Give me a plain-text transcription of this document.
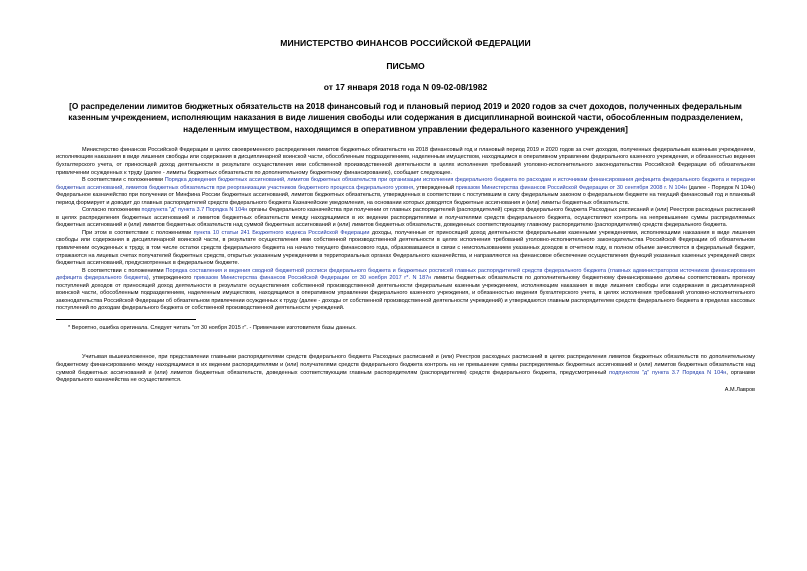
МИНИСТЕРСТВО ФИНАНСОВ РОССИЙСКОЙ ФЕДЕРАЦИИ
ПИСЬМО
от 17 января 2018 года N 09-02-08/1982
[О распределении лимитов бюджетных обязательств на 2018 финансовый год и плановый период 2019 и 2020 годов за счет доходов, полученных федеральным казенным учреждением, исполняющим наказания в виде лишения свободы или содержания в дисциплинарной воинской части, обособленным подразделением, наделенным имуществом, находящимся в оперативном управлении федерального казенного учреждения]

Министерство финансов Российской Федерации в целях своевременного распределения лимитов бюджетных обязательств на 2018 финансовый год и плановый период 2019 и 2020 годов за счет доходов, полученных федеральным казенным учреждением, исполняющим наказания в виде лишения свободы или содержания в дисциплинарной воинской части, обособленным подразделением, наделенным имуществом, находящимся в оперативном управлении федерального казенного учреждения, и обязанностью ведения бухгалтерского учета, от приносящей доход деятельности в результате осуществления ими собственной производственной деятельности в целях исполнения требований уголовно-исполнительного законодательства Российской Федерации об обязательном привлечении осужденных к труду (далее - лимиты бюджетных обязательств по дополнительному бюджетному финансированию), сообщает следующее.

В соответствии с положениями Порядка доведения бюджетных ассигнований, лимитов бюджетных обязательств при организации исполнения федерального бюджета по расходам и источникам финансирования дефицита федерального бюджета и передачи бюджетных ассигнований, лимитов бюджетных обязательств при реорганизации участников бюджетного процесса федерального уровня, утвержденный приказом Министерства финансов Российской Федерации от 30 сентября 2008 г. N 104н (далее - Порядок N 104н) Федеральное казначейство при получении от Минфина России бюджетных ассигнований, лимитов бюджетных обязательств, утвержденных в соответствии с поступившим в силу федеральным законом о федеральном бюджете на текущий финансовый год и плановый период формирует и доводит до главных распорядителей средств федерального бюджета Казначейские уведомления, на основании которых доводятся бюджетные ассигнования и (или) лимиты бюджетных обязательств.

Согласно положениям подпункта "д" пункта 3.7 Порядка N 104н органы Федерального казначейства при получении от главных распорядителей (распорядителей) средств федерального бюджета Расходных расписаний и (или) Реестров расходных расписаний в целях распределения бюджетных ассигнований и лимитов бюджетных обязательств между находящимися в их ведении распорядителями и получателями средств федерального бюджета, осуществляют контроль на непревышение суммы распределяемых бюджетных ассигнований и (или) лимитов бюджетных обязательств над суммой бюджетных ассигнований и (или) лимитов бюджетных обязательств, доведенных соответствующему главному распорядителю (распорядителям) средств федерального бюджета.

При этом в соответствии с положениями пункта 10 статьи 241 Бюджетного кодекса Российской Федерации доходы, полученные от приносящей доход деятельности федеральными казенными учреждениями, исполняющими наказания в виде лишения свободы или содержания в дисциплинарной воинской части, в результате осуществления ими собственной производственной деятельности в целях исполнения требований уголовно-исполнительного законодательства Российской Федерации об обязательном привлечении осужденных к труду, в том числе остатки средств федерального бюджета на начало текущего финансового года, образовавшиеся в связи с неиспользованием указанных доходов в отчетном году, в полном объеме зачисляются в федеральный бюджет, отражаются на лицевых счетах получателей бюджетных средств, открытых указанным учреждениям в территориальных органах Федерального казначейства, и направляются на финансовое обеспечение осуществления функций указанных казенных учреждений сверх бюджетных ассигнований, предусмотренных в федеральном бюджете.

В соответствии с положениями Порядка составления и ведения сводной бюджетной росписи федерального бюджета и бюджетных росписей главных распорядителей средств федерального бюджета (главных администраторов источников финансирования дефицита федерального бюджета), утвержденного приказом Министерства финансов Российской Федерации от 30 ноября 2017 г*. N 187н лимиты бюджетных обязательств по дополнительному бюджетному финансированию должны соответствовать прогнозу поступлений доходов от приносящей доход деятельности в результате осуществления собственной производственной деятельности федеральным казенным учреждением, исполняющим наказания в виде лишения свободы или содержания в дисциплинарной воинской части, обособленным подразделением, наделенным имуществом, находящимся в оперативном управлении федерального казенного учреждения, и обязанностью ведения бухгалтерского учета, в целях исполнения требований уголовно-исполнительного законодательства Российской Федерации об обязательном привлечении осужденных к труду (далее - доходы от собственной производственной деятельности учреждений) и утверждаются главным распорядителем средств федерального бюджета в пределах кассовых поступлений по доходам федерального бюджета от собственной производственной деятельности учреждений.

* Вероятно, ошибка оригинала. Следует читать "от 30 ноября 2015 г". - Примечание изготовителя базы данных.
Учитывая вышеизложенное, при представлении главными распорядителями средств федерального бюджета Расходных расписаний и (или) Реестров расходных расписаний в целях распределения лимитов бюджетных обязательств по дополнительному бюджетному финансированию между находящимися в их ведении распорядителями и (или) получателями средств федерального бюджета контроль на не превышение суммы распределяемых бюджетных ассигнований и (или) лимитов бюджетных обязательств над суммой бюджетных ассигнований и (или) лимитов бюджетных обязательств, доведенных соответствующим главным распорядителям (распорядителям) средств федерального бюджета, предусмотренный подпунктом "д" пункта 3.7 Порядка N 104н, органами Федерального казначейства не осуществляется.
А.М.Лавров
